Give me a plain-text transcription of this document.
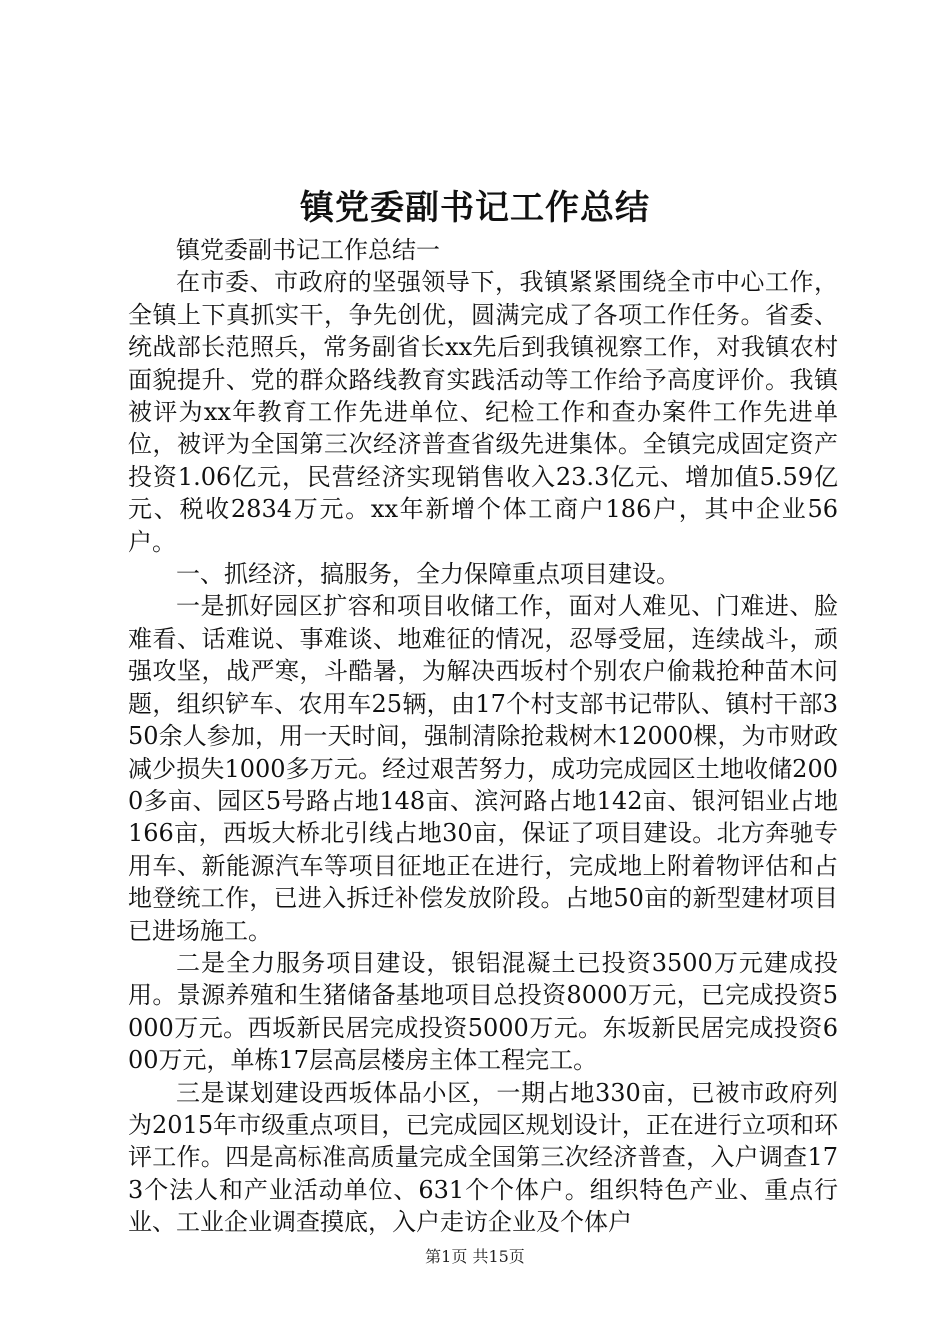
镇党委副书记工作总结

镇党委副书记工作总结一

在市委、市政府的坚强领导下，我镇紧紧围绕全市中心工作，全镇上下真抓实干，争先创优，圆满完成了各项工作任务。省委、统战部长范照兵，常务副省长xx先后到我镇视察工作，对我镇农村面貌提升、党的群众路线教育实践活动等工作给予高度评价。我镇被评为xx年教育工作先进单位、纪检工作和查办案件工作先进单位，被评为全国第三次经济普查省级先进集体。全镇完成固定资产投资1.06亿元，民营经济实现销售收入23.3亿元、增加值5.59亿元、税收2834万元。xx年新增个体工商户186户，其中企业56户。

一、抓经济，搞服务，全力保障重点项目建设。

一是抓好园区扩容和项目收储工作，面对人难见、门难进、脸难看、话难说、事难谈、地难征的情况，忍辱受屈，连续战斗，顽强攻坚，战严寒，斗酷暑，为解决西坂村个别农户偷栽抢种苗木问题，组织铲车、农用车25辆，由17个村支部书记带队、镇村干部350余人参加，用一天时间，强制清除抢栽树木12000棵，为市财政减少损失1000多万元。经过艰苦努力，成功完成园区土地收储2000多亩、园区5号路占地148亩、滨河路占地142亩、银河铝业占地166亩，西坂大桥北引线占地30亩，保证了项目建设。北方奔驰专用车、新能源汽车等项目征地正在进行，完成地上附着物评估和占地登统工作，已进入拆迁补偿发放阶段。占地50亩的新型建材项目已进场施工。

二是全力服务项目建设，银铝混凝土已投资3500万元建成投用。景源养殖和生猪储备基地项目总投资8000万元，已完成投资5000万元。西坂新民居完成投资5000万元。东坂新民居完成投资600万元，单栋17层高层楼房主体工程完工。

三是谋划建设西坂体品小区，一期占地330亩，已被市政府列为2015年市级重点项目，已完成园区规划设计，正在进行立项和环评工作。四是高标准高质量完成全国第三次经济普查，入户调查173个法人和产业活动单位、631个个体户。组织特色产业、重点行业、工业企业调查摸底，入户走访企业及个体户

第1页 共15页
